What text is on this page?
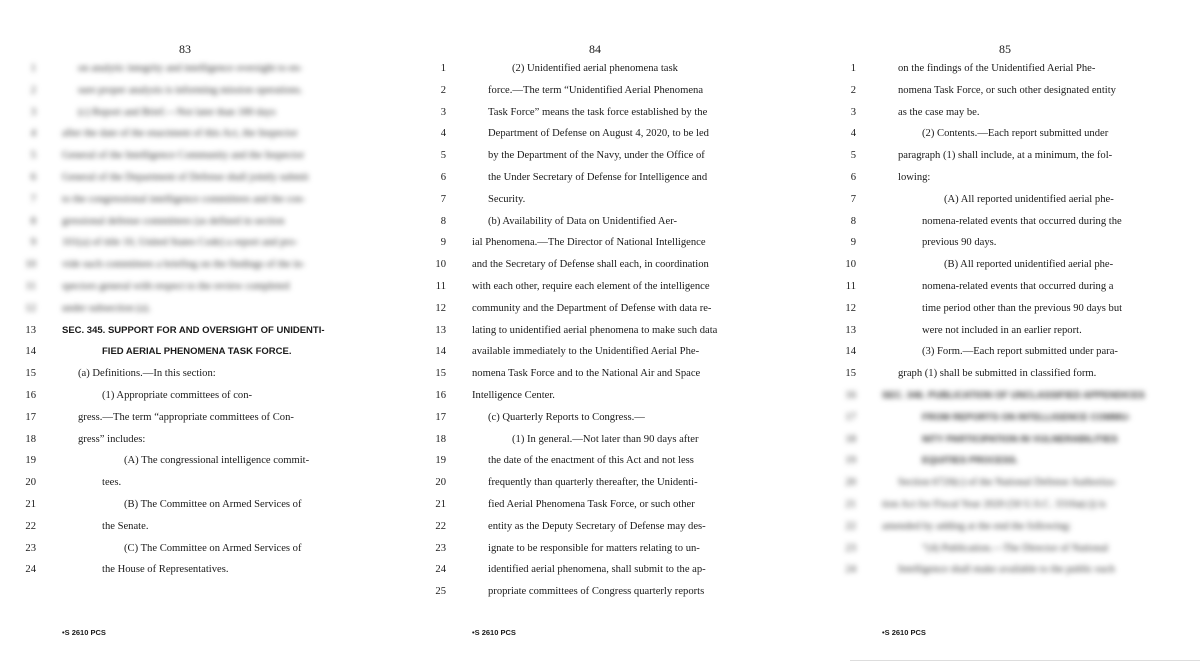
83
1	on analytic integrity and intelligence oversight to en-
2	sure proper analysis is informing mission operations.
3	(c) Report and Brief.—Not later than 180 days
4 after the date of the enactment of this Act, the Inspector
5 General of the Intelligence Community and the Inspector
6 General of the Department of Defense shall jointly submit
7 to the congressional intelligence committees and the con-
8 gressional defense committees (as defined in section
9 101(a) of title 10, United States Code) a report and pro-
10 vide such committees a briefing on the findings of the in-
11 spectors general with respect to the review completed
12 under subsection (a).
13	SEC. 345. SUPPORT FOR AND OVERSIGHT OF UNIDENTI-
14	FIED AERIAL PHENOMENA TASK FORCE.
15	(a) Definitions.—In this section:
16	(1) Appropriate committees of con-
17	gress.—The term “appropriate committees of Con-
18	gress” includes:
19	(A) The congressional intelligence commit-
20	tees.
21	(B) The Committee on Armed Services of
22	the Senate.
23	(C) The Committee on Armed Services of
24	the House of Representatives.
•S 2610 PCS
84
1	(2) Unidentified aerial phenomena task
2	force.—The term “Unidentified Aerial Phenomena
3	Task Force” means the task force established by the
4	Department of Defense on August 4, 2020, to be led
5	by the Department of the Navy, under the Office of
6	the Under Secretary of Defense for Intelligence and
7	Security.
8	(b) Availability of Data on Unidentified Aer-
9 ial Phenomena.—The Director of National Intelligence
10 and the Secretary of Defense shall each, in coordination
11 with each other, require each element of the intelligence
12 community and the Department of Defense with data re-
13 lating to unidentified aerial phenomena to make such data
14 available immediately to the Unidentified Aerial Phe-
15 nomena Task Force and to the National Air and Space
16 Intelligence Center.
17	(c) Quarterly Reports to Congress.—
18	(1) In general.—Not later than 90 days after
19	the date of the enactment of this Act and not less
20	frequently than quarterly thereafter, the Unidenti-
21	fied Aerial Phenomena Task Force, or such other
22	entity as the Deputy Secretary of Defense may des-
23	ignate to be responsible for matters relating to un-
24	identified aerial phenomena, shall submit to the ap-
25	propriate committees of Congress quarterly reports
•S 2610 PCS
85
1	on the findings of the Unidentified Aerial Phe-
2	nomena Task Force, or such other designated entity
3	as the case may be.
4	(2) Contents.—Each report submitted under
5	paragraph (1) shall include, at a minimum, the fol-
6	lowing:
7	(A) All reported unidentified aerial phe-
8	nomena-related events that occurred during the
9	previous 90 days.
10	(B) All reported unidentified aerial phe-
11	nomena-related events that occurred during a
12	time period other than the previous 90 days but
13	were not included in an earlier report.
14	(3) Form.—Each report submitted under para-
15	graph (1) shall be submitted in classified form.
16	SEC. 346. PUBLICATION OF UNCLASSIFIED APPENDICES
17	FROM REPORTS ON INTELLIGENCE COMMU-
18	NITY PARTICIPATION IN VULNERABILITIES
19	EQUITIES PROCESS.
20	Section 6720(c) of the National Defense Authoriza-
21 tion Act for Fiscal Year 2020 (50 U.S.C. 3316a(c)) is
22 amended by adding at the end the following:
23	“(4) Publication.—The Director of National
24	Intelligence shall make available to the public each
•S 2610 PCS
